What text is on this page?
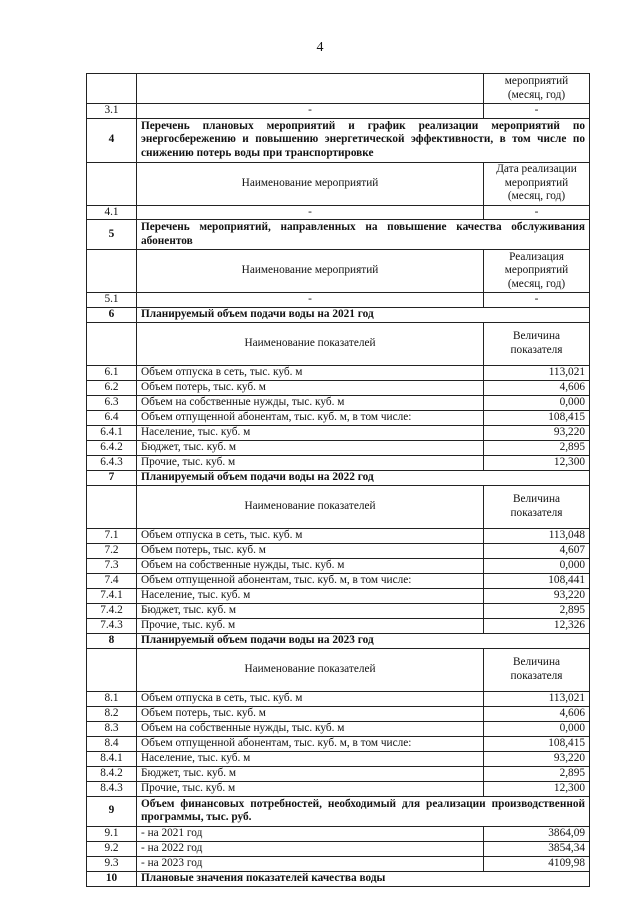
4
		мероприятий (месяц, год)
3.1	-	-
4	Перечень плановых мероприятий и график реализации мероприятий по энергосбережению и повышению энергетической эффективности, в том числе по снижению потерь воды при транспортировке	
	Наименование мероприятий	Дата реализации мероприятий (месяц, год)
4.1	-	-
5	Перечень мероприятий, направленных на повышение качества обслуживания абонентов	
	Наименование мероприятий	Реализация мероприятий (месяц, год)
5.1	-	-
6	Планируемый объем подачи воды на 2021 год	
	Наименование показателей	Величина показателя
6.1	Объем отпуска в сеть, тыс. куб. м	113,021
6.2	Объем потерь, тыс. куб. м	4,606
6.3	Объем на собственные нужды, тыс. куб. м	0,000
6.4	Объем отпущенной абонентам, тыс. куб. м, в том числе:	108,415
6.4.1	Население, тыс. куб. м	93,220
6.4.2	Бюджет, тыс. куб. м	2,895
6.4.3	Прочие, тыс. куб. м	12,300
7	Планируемый объем подачи воды на 2022 год	
	Наименование показателей	Величина показателя
7.1	Объем отпуска в сеть, тыс. куб. м	113,048
7.2	Объем потерь, тыс. куб. м	4,607
7.3	Объем на собственные нужды, тыс. куб. м	0,000
7.4	Объем отпущенной абонентам, тыс. куб. м, в том числе:	108,441
7.4.1	Население, тыс. куб. м	93,220
7.4.2	Бюджет, тыс. куб. м	2,895
7.4.3	Прочие, тыс. куб. м	12,326
8	Планируемый объем подачи воды на 2023 год	
	Наименование показателей	Величина показателя
8.1	Объем отпуска в сеть, тыс. куб. м	113,021
8.2	Объем потерь, тыс. куб. м	4,606
8.3	Объем на собственные нужды, тыс. куб. м	0,000
8.4	Объем отпущенной абонентам, тыс. куб. м, в том числе:	108,415
8.4.1	Население, тыс. куб. м	93,220
8.4.2	Бюджет, тыс. куб. м	2,895
8.4.3	Прочие, тыс. куб. м	12,300
9	Объем финансовых потребностей, необходимый для реализации производственной программы, тыс. руб.	
9.1	- на 2021 год	3864,09
9.2	- на 2022 год	3854,34
9.3	- на 2023 год	4109,98
10	Плановые значения показателей качества воды	
